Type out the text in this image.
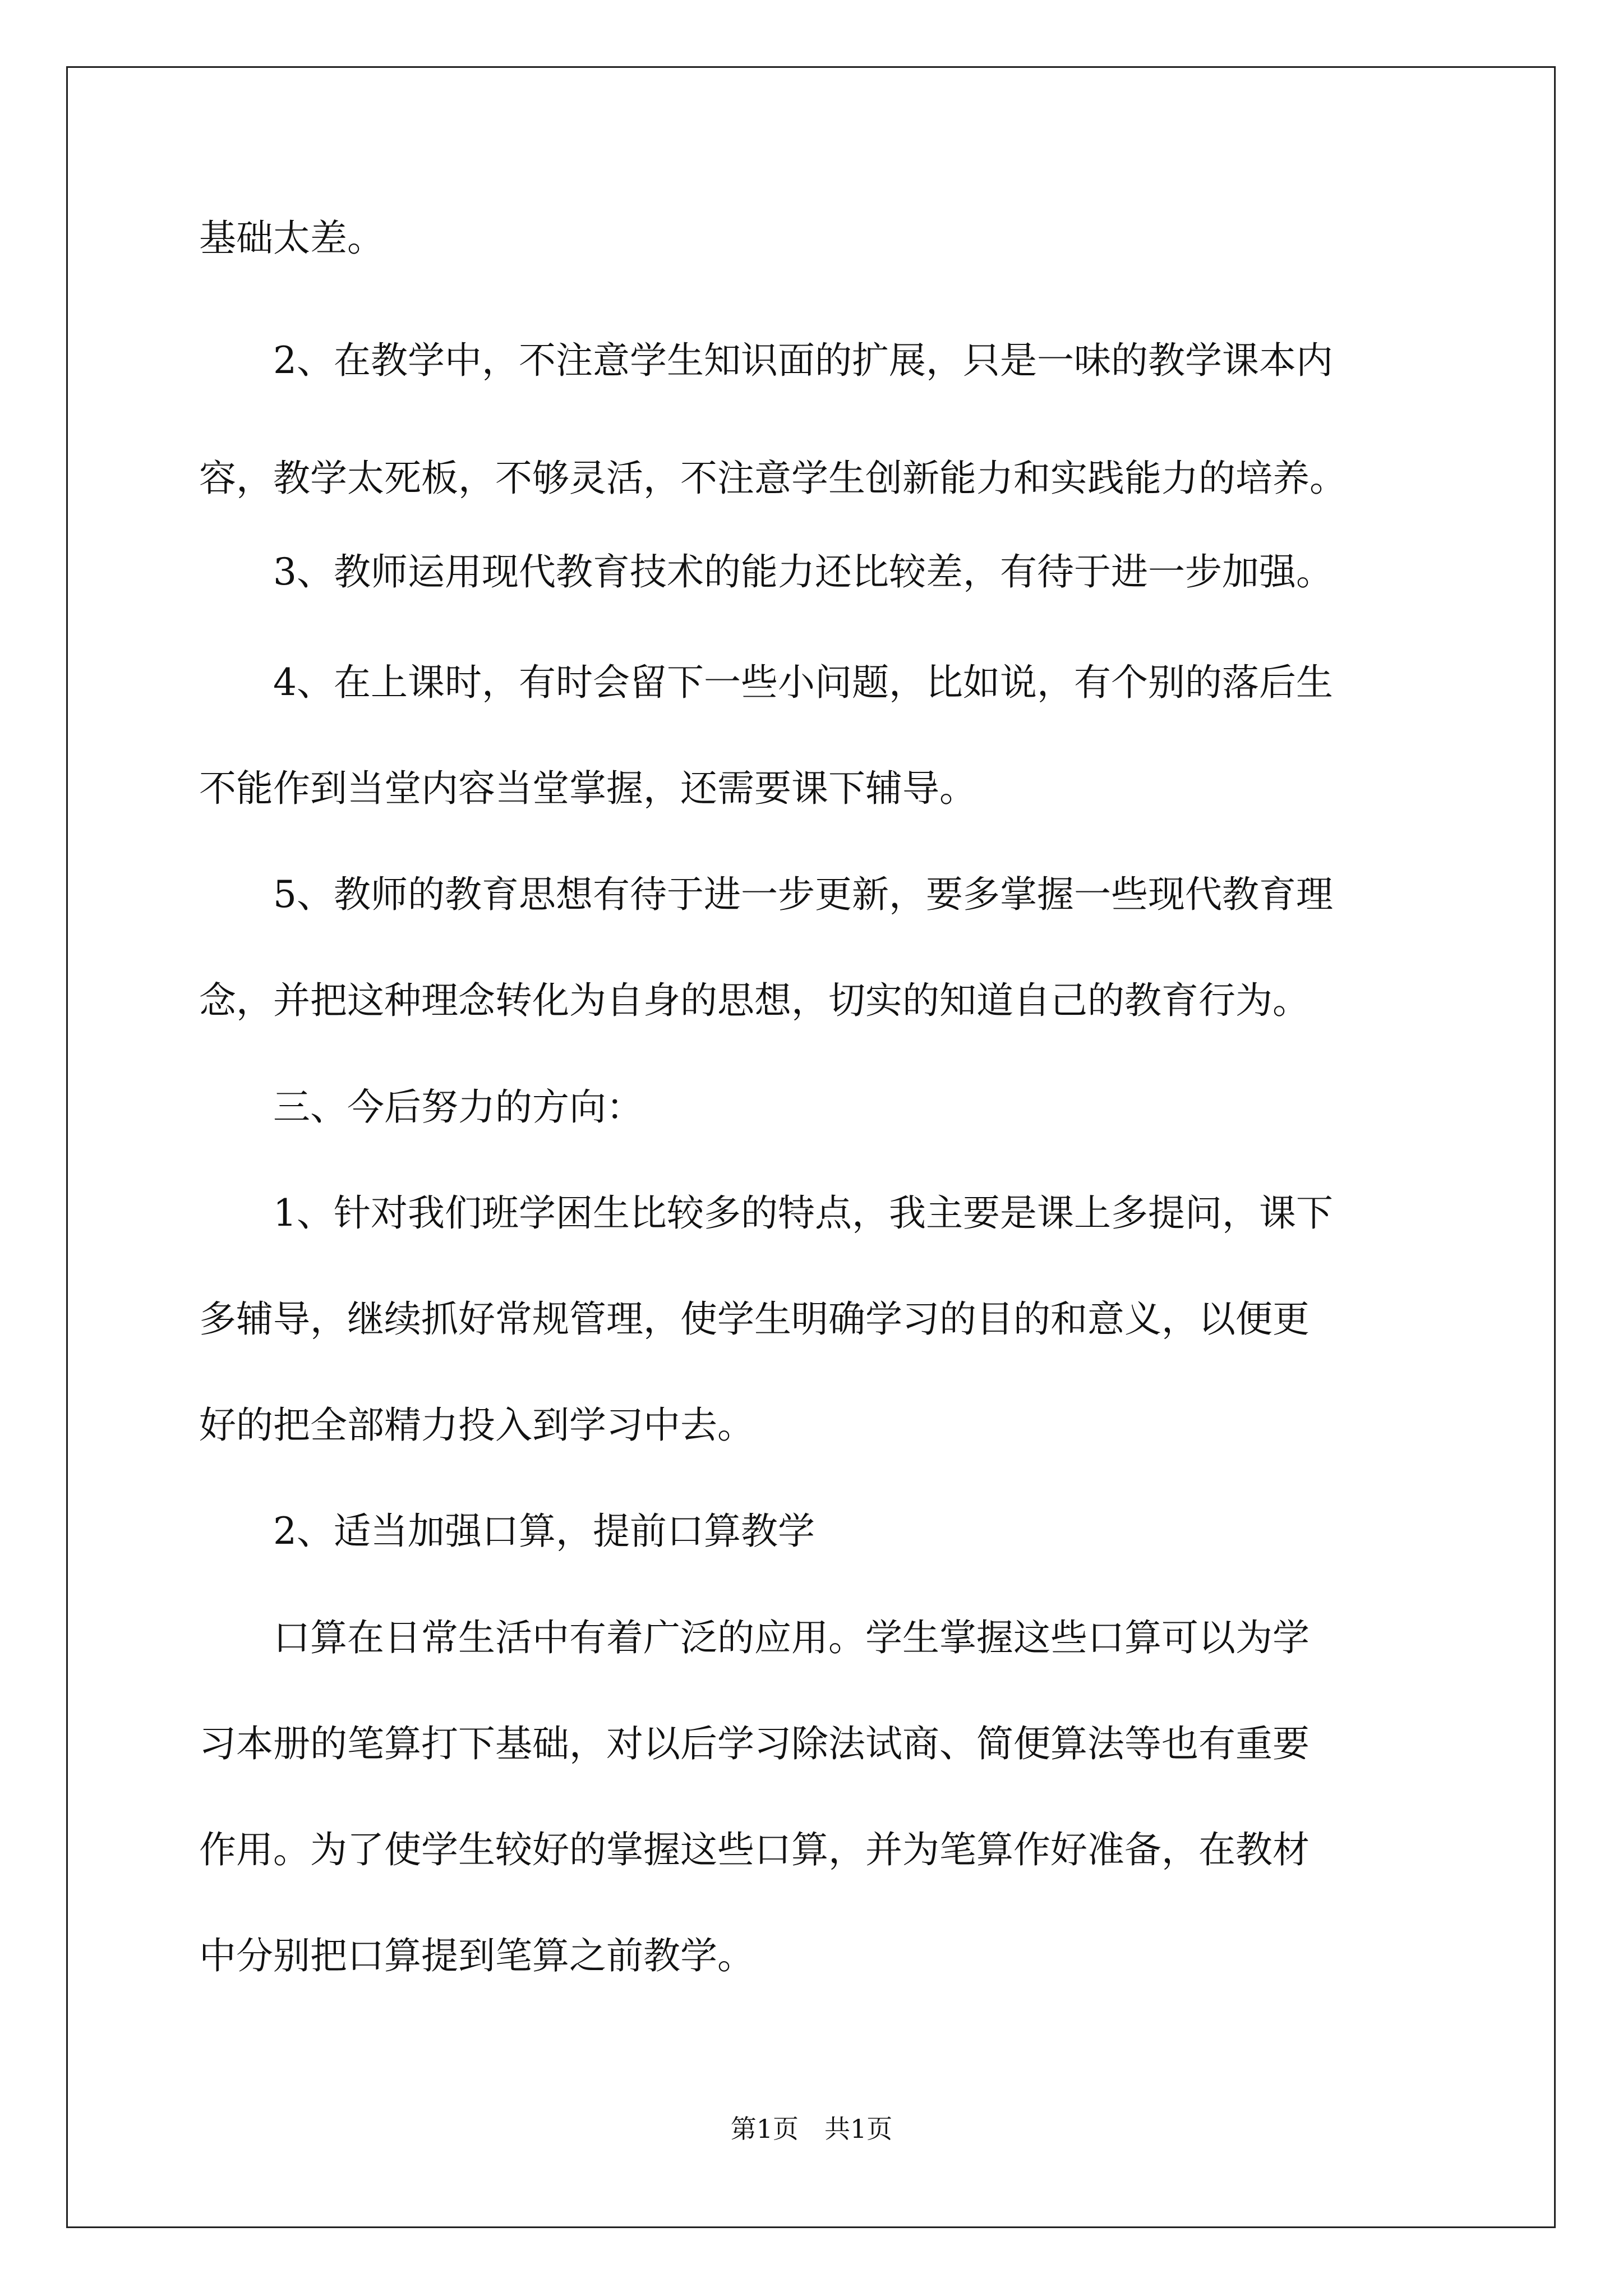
基础太差。
　　2、在教学中，不注意学生知识面的扩展，只是一味的教学课本内
容，教学太死板，不够灵活，不注意学生创新能力和实践能力的培养。
　　3、教师运用现代教育技术的能力还比较差，有待于进一步加强。
　　4、在上课时，有时会留下一些小问题，比如说，有个别的落后生
不能作到当堂内容当堂掌握，还需要课下辅导。
　　5、教师的教育思想有待于进一步更新，要多掌握一些现代教育理
念，并把这种理念转化为自身的思想，切实的知道自己的教育行为。
　　三、今后努力的方向：
　　1、针对我们班学困生比较多的特点，我主要是课上多提问，课下
多辅导，继续抓好常规管理，使学生明确学习的目的和意义，以便更
好的把全部精力投入到学习中去。
　　2、适当加强口算，提前口算教学
　　口算在日常生活中有着广泛的应用。学生掌握这些口算可以为学
习本册的笔算打下基础，对以后学习除法试商、简便算法等也有重要
作用。为了使学生较好的掌握这些口算，并为笔算作好准备，在教材
中分别把口算提到笔算之前教学。
第1页　共1页
